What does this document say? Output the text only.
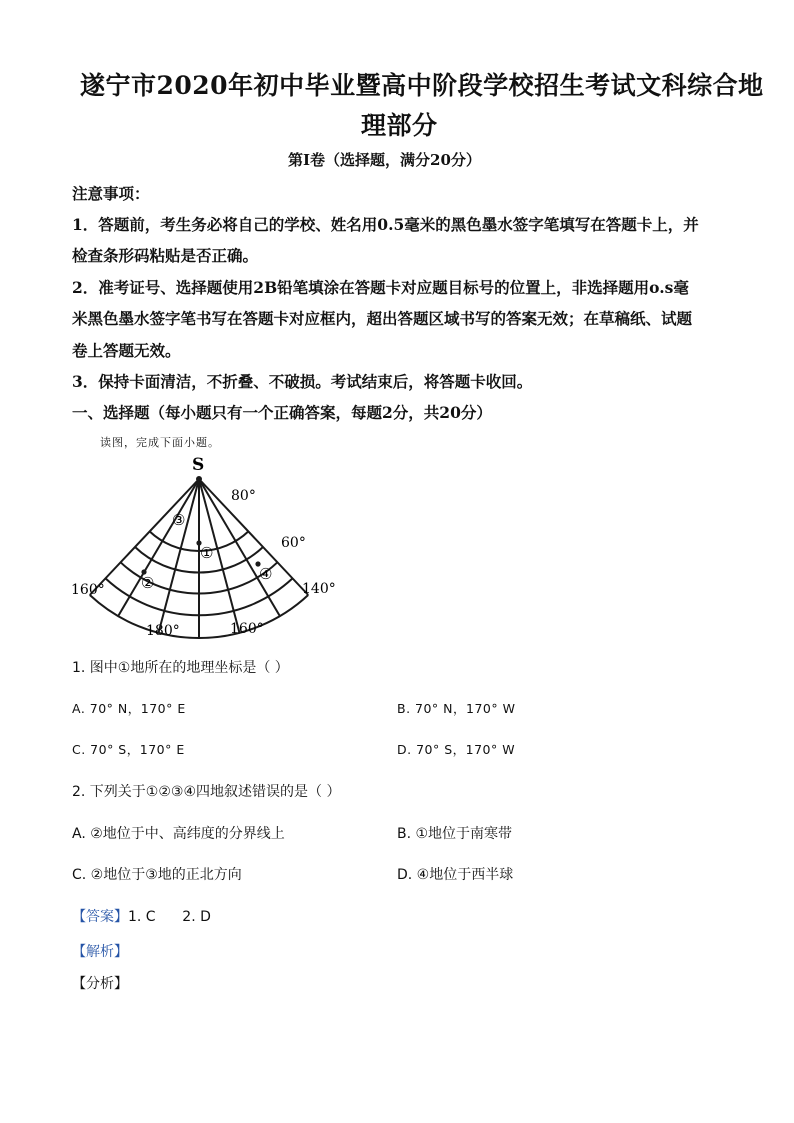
遂宁市2020年初中毕业暨高中阶段学校招生考试文科综合地
理部分
第Ⅰ卷（选择题，满分20分）
注意事项：
1．答题前，考生务必将自己的学校、姓名用0.5毫米的黑色墨水签字笔填写在答题卡上，并
检查条形码粘贴是否正确。
2．准考证号、选择题使用2B铅笔填涂在答题卡对应题目标号的位置上，非选择题用o.s毫
米黑色墨水签字笔书写在答题卡对应框内，超出答题区域书写的答案无效；在草稿纸、试题
卷上答题无效。
3．保持卡面清洁，不折叠、不破损。考试结束后，将答题卡收回。
一、选择题（每小题只有一个正确答案，每题2分，共20分）
读图，完成下面小题。
S
80°
60°
160°	140°
180°	160°
①
②
③
④
1. 图中①地所在的地理坐标是（ ）
A. 70° N，170° E	B. 70° N，170° W
C. 70° S，170° E	D. 70° S，170° W
2. 下列关于①②③④四地叙述错误的是（ ）
A. ②地位于中、高纬度的分界线上	B. ①地位于南寒带
C. ②地位于③地的正北方向	D. ④地位于西半球
【答案】1. C      2. D
【解析】
【分析】
